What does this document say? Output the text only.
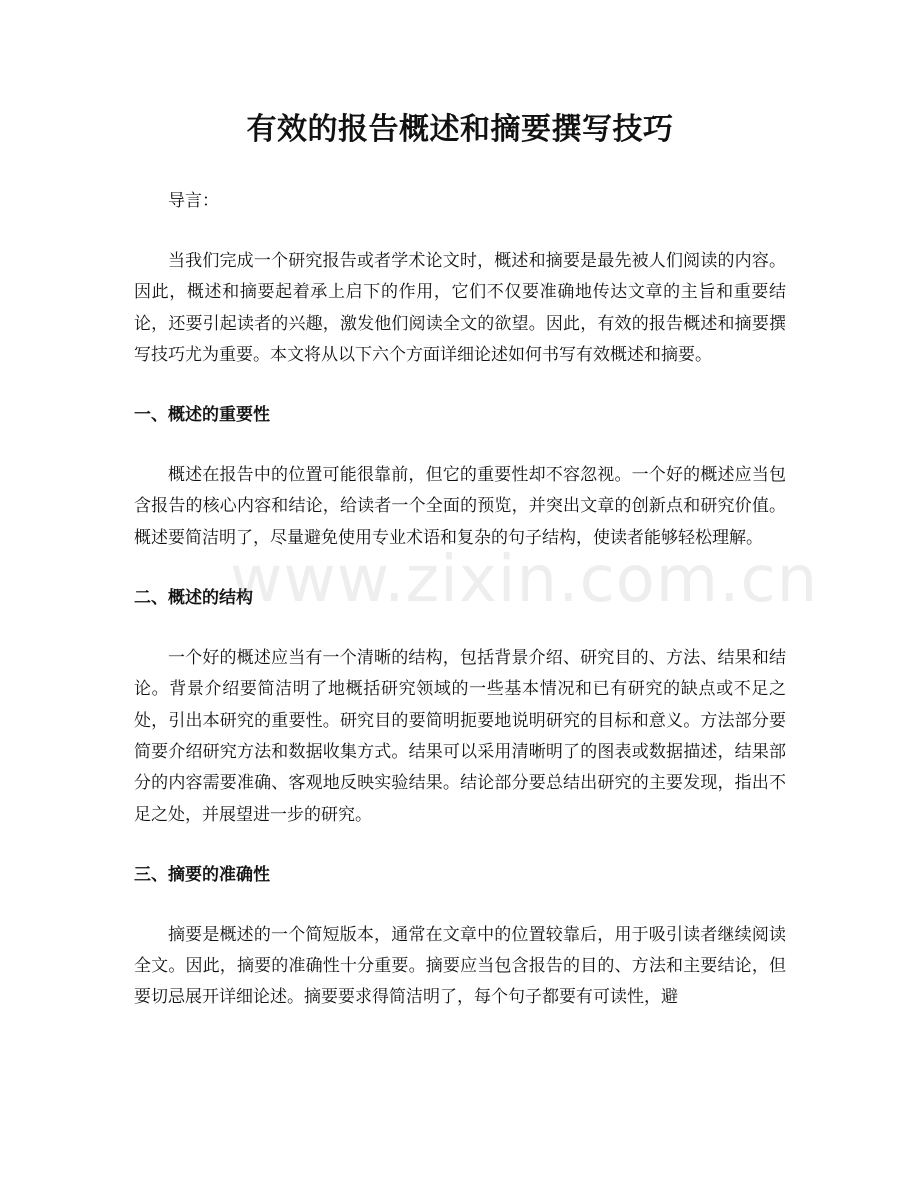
有效的报告概述和摘要撰写技巧

导言：

当我们完成一个研究报告或者学术论文时，概述和摘要是最先被人们阅读的内容。因此，概述和摘要起着承上启下的作用，它们不仅要准确地传达文章的主旨和重要结论，还要引起读者的兴趣，激发他们阅读全文的欲望。因此，有效的报告概述和摘要撰写技巧尤为重要。本文将从以下六个方面详细论述如何书写有效概述和摘要。

一、概述的重要性

概述在报告中的位置可能很靠前，但它的重要性却不容忽视。一个好的概述应当包含报告的核心内容和结论，给读者一个全面的预览，并突出文章的创新点和研究价值。概述要简洁明了，尽量避免使用专业术语和复杂的句子结构，使读者能够轻松理解。

二、概述的结构

一个好的概述应当有一个清晰的结构，包括背景介绍、研究目的、方法、结果和结论。背景介绍要简洁明了地概括研究领域的一些基本情况和已有研究的缺点或不足之处，引出本研究的重要性。研究目的要简明扼要地说明研究的目标和意义。方法部分要简要介绍研究方法和数据收集方式。结果可以采用清晰明了的图表或数据描述，结果部分的内容需要准确、客观地反映实验结果。结论部分要总结出研究的主要发现，指出不足之处，并展望进一步的研究。

三、摘要的准确性

摘要是概述的一个简短版本，通常在文章中的位置较靠后，用于吸引读者继续阅读全文。因此，摘要的准确性十分重要。摘要应当包含报告的目的、方法和主要结论，但要切忌展开详细论述。摘要要求得简洁明了，每个句子都要有可读性，避

www.zixin.com.cn
